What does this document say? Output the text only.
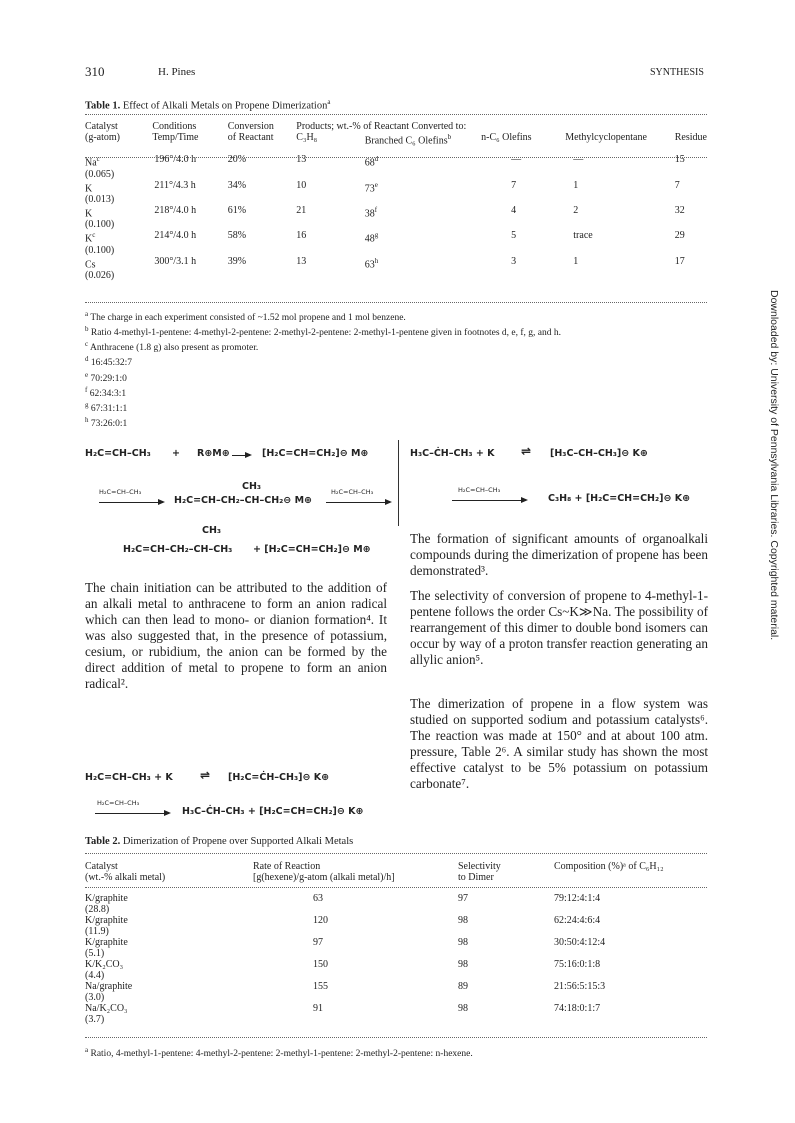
310	H. Pines	SYNTHESIS
Table 1. Effect of Alkali Metals on Propene Dimerization$^a$
Catalyst	Conditions	Conversion	Products; wt.-% of Reactant Converted to:				
(g-atom)	Temp/Time	of Reactant	C₃H₈	Branched C₆ Olefins$^b$	n-C₆ Olefins	Methylcyclopentane	Residue

Na$^c$
(0.065)	196°/4.0 h	20%	13	68$^d$	—	—	15
K
(0.013)	211°/4.3 h	34%	10	73e	7	1	7
K
(0.100)	218°/4.0 h	61%	21	38$^f$	4	2	32
$K^c$
(0.100)	214°/4.0 h	58%	16	48$^g$	5	trace	29
Cs
(0.026)	300°/3.1 h	39%	13	63$^h$	3	1	17
$^a$ The charge in each experiment consisted of ~1.52 mol propene and 1 mol benzene.
$^b$ Ratio 4-methyl-1-pentene: 4-methyl-2-pentene: 2-methyl-2-pentene: 2-methyl-1-pentene given in footnotes d, e, f, g, and h.
$^c$ Anthracene (1.8 g) also present as promoter.
$^d$ 16:45:32:7
$^e$ 70:29:1:0
$^f$ 62:34:3:1
$^g$ 67:31:1:1
$^h$ 73:26:0:1
H₂C=CH–CH₃ + R⊕M⊕	[H₂C=CH=CH₂]⊖ M⊕
CH₃
H₂C=CH–CH₃
H₂C=CH–CH₂–CH–CH₂⊖ M⊕
H₂C=CH–CH₃
CH₃
H₂C=CH–CH₂–CH–CH₃ + [H₂C=CH=CH₂]⊖ M⊕
H₃C–ĊH–CH₃ + K ⇌ [H₃C–CH–CH₃]⊖ K⊕
H₂C=CH–CH₃
C₃H₈ + [H₂C=CH=CH₂]⊖ K⊕
The chain initiation can be attributed to the addition of an alkali metal to anthracene to form an anion radical which can then lead to mono- or dianion formation⁴. It was also suggested that, in the presence of potassium, cesium, or rubidium, the anion can be formed by the direct addition of metal to propene to form an anion radical².
H₂C=CH–CH₃ + K ⇌ [H₂C=ĊH–CH₃]⊖ K⊕
H₂C=CH–CH₃
H₃C–ĊH–CH₃ + [H₂C=CH=CH₂]⊖ K⊕
The formation of significant amounts of organoalkali compounds during the dimerization of propene has been demonstrated³.
The selectivity of conversion of propene to 4-methyl-1-pentene follows the order Cs~K≫Na. The possibility of rearrangement of this dimer to double bond isomers can occur by way of a proton transfer reaction generating an allylic anion⁵.
The dimerization of propene in a flow system was studied on supported sodium and potassium catalysts⁶. The reaction was made at 150° and at about 100 atm. pressure, Table 2⁶. A similar study has shown the most effective catalyst to be 5% potassium on potassium carbonate⁷.
Table 2. Dimerization of Propene over Supported Alkali Metals
Catalyst	Rate of Reaction	Selectivity	Composition (%)ᵃ of C₆H₁₂
(wt.-% alkali metal)	[g(hexene)/g-atom (alkali metal)/h]	to Dimer	

K/graphite
(28.8)	63	97	79:12:4:1:4
K/graphite
(11.9)	120	98	62:24:4:6:4
K/graphite
(5.1)	97	98	30:50:4:12:4
K/K₂CO₃
(4.4)	150	98	75:16:0:1:8
Na/graphite
(3.0)	155	89	21:56:5:15:3
Na/K₂CO₃
(3.7)	91	98	74:18:0:1:7
$^a$ Ratio, 4-methyl-1-pentene: 4-methyl-2-pentene: 2-methyl-1-pentene: 2-methyl-2-pentene: n-hexene.
Downloaded by: University of Pennsylvania Libraries. Copyrighted material.
